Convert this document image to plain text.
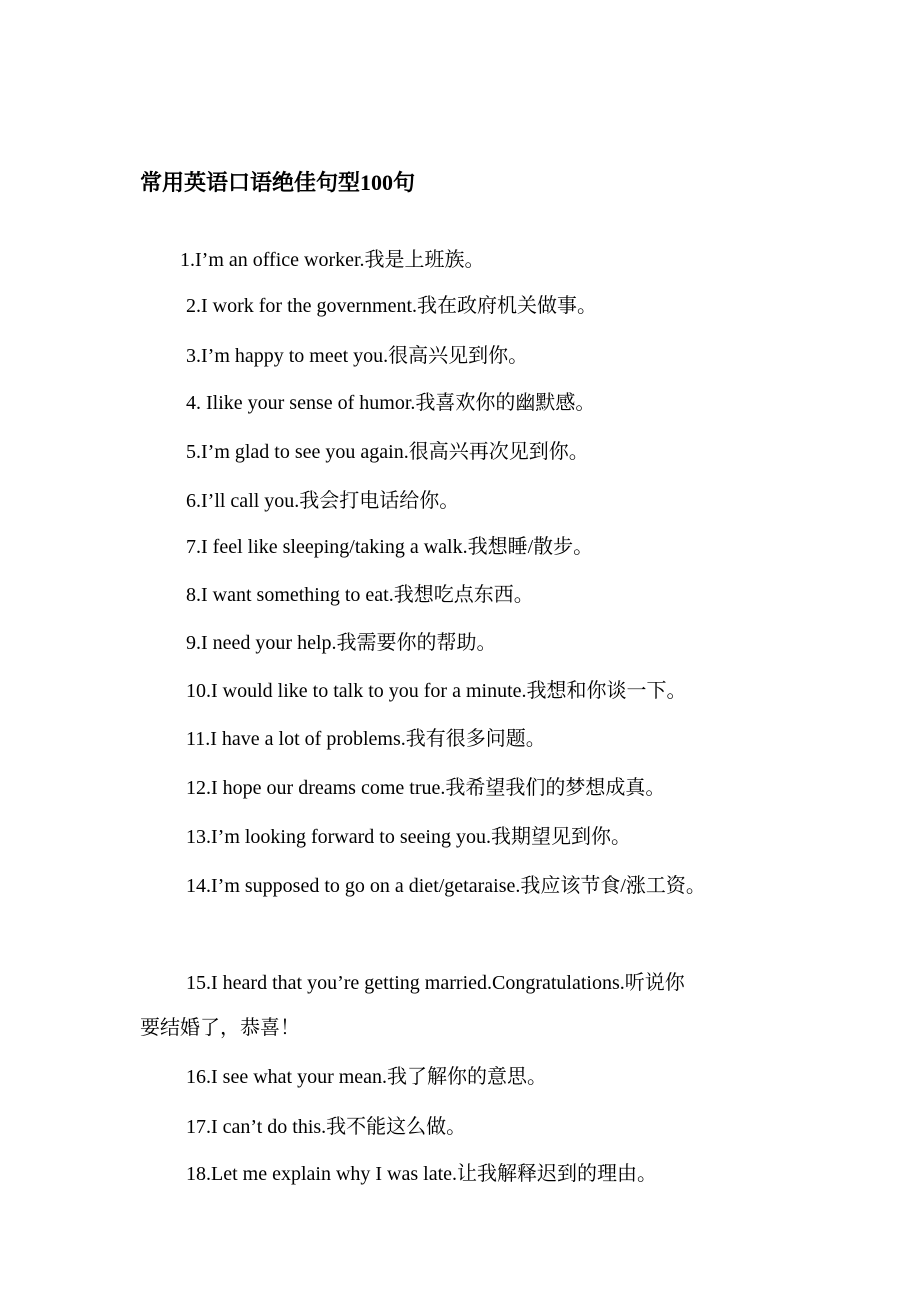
常用英语口语绝佳句型100句
1.I’m an office worker.我是上班族。
2.I work for the government.我在政府机关做事。
3.I’m happy to meet you.很高兴见到你。
4. Ilike your sense of humor.我喜欢你的幽默感。
5.I’m glad to see you again.很高兴再次见到你。
6.I’ll call you.我会打电话给你。
7.I feel like sleeping/taking a walk.我想睡/散步。
8.I want something to eat.我想吃点东西。
9.I need your help.我需要你的帮助。
10.I would like to talk to you for a minute.我想和你谈一下。
11.I have a lot of problems.我有很多问题。
12.I hope our dreams come true.我希望我们的梦想成真。
13.I’m looking forward to seeing you.我期望见到你。
14.I’m supposed to go on a diet/getaraise.我应该节食/涨工资。
15.I heard that you’re getting married.Congratulations.听说你
要结婚了，恭喜！
16.I see what your mean.我了解你的意思。
17.I can’t do this.我不能这么做。
18.Let me explain why I was late.让我解释迟到的理由。
